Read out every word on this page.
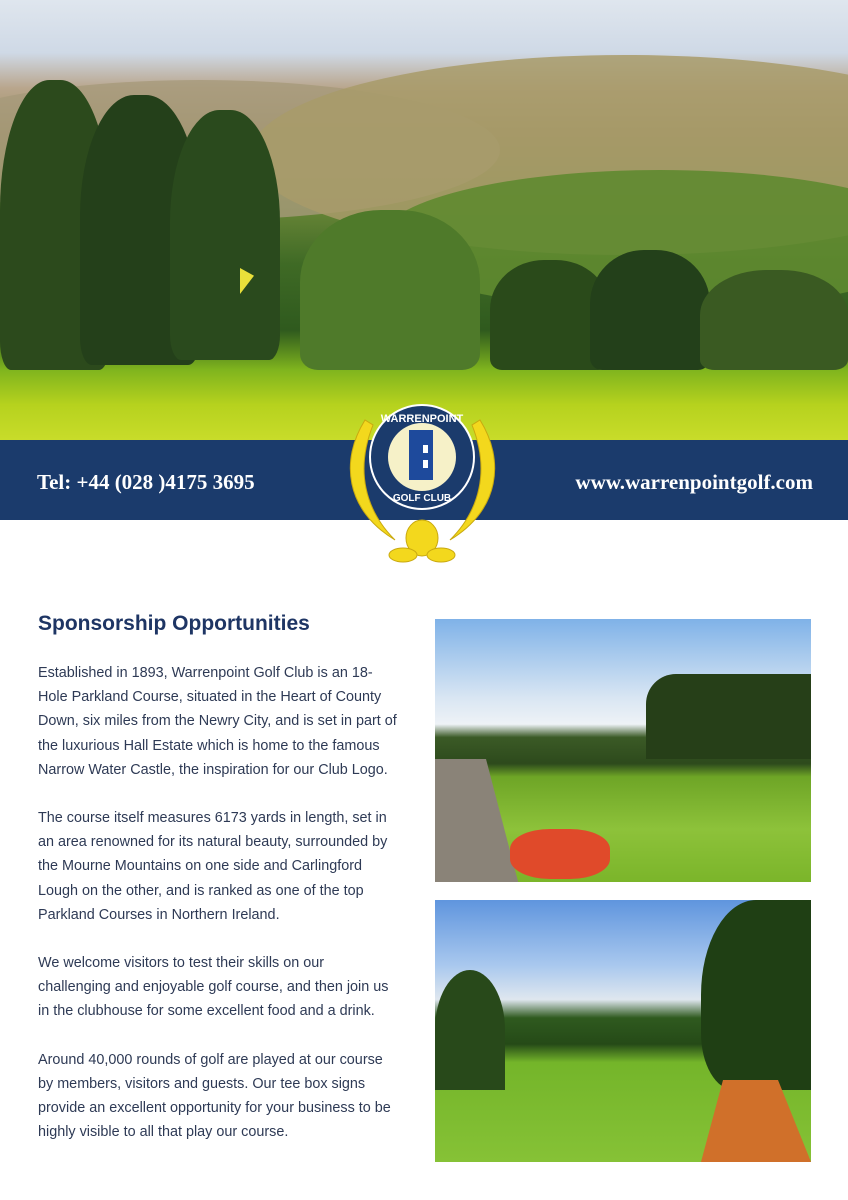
Tel: +44 (028 )4175 3695	www.warrenpointgolf.com
WARRENPOINT
GOLF CLUB
Sponsorship Opportunities

Established in 1893, Warrenpoint Golf Club is an 18-Hole Parkland Course, situated in the Heart of County Down, six miles from the Newry City, and is set in part of the luxurious Hall Estate which is home to the famous Narrow Water Castle, the inspiration for our Club Logo.

The course itself measures 6173 yards in length, set in an area renowned for its natural beauty, surrounded by the Mourne Mountains on one side and Carlingford Lough on the other, and is ranked as one of the top Parkland Courses in Northern Ireland.

We welcome visitors to test their skills on our challenging and enjoyable golf course, and then join us in the clubhouse for some excellent food and a drink.

Around 40,000 rounds of golf are played at our course by members, visitors and guests. Our tee box signs provide an excellent opportunity for your business to be highly visible to all that play our course.
